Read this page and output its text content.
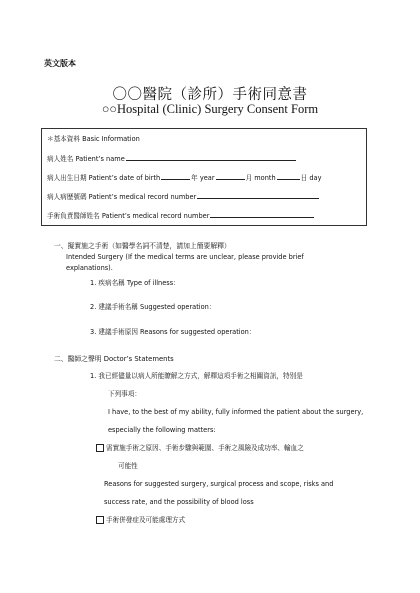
英文版本
〇〇醫院（診所）手術同意書
○○Hospital (Clinic) Surgery Consent Form
＊基本資料 Basic Information
病人姓名 Patient’s name
病人出生日期 Patient’s date of birth	年 year	月 month	日 day
病人病歷號碼 Patient’s medical record number
手術負責醫師姓名 Patient’s medical record number
一、擬實施之手術（如醫學名詞不清楚，請加上簡要解釋）
Intended Surgery (If the medical terms are unclear, please provide brief
explanations).
1. 疾病名稱 Type of illness：
2. 建議手術名稱 Suggested operation：
3. 建議手術原因 Reasons for suggested operation：
二、醫師之聲明 Doctor’s Statements
1. 我已經儘量以病人所能瞭解之方式，解釋這項手術之相關資訊，特別是
下列事項：
I have, to the best of my ability, fully informed the patient about the surgery,
especially the following matters:
需實施手術之原因、手術步驟與範圍、手術之風險及成功率、輸血之
可能性
Reasons for suggested surgery, surgical process and scope, risks and
success rate, and the possibility of blood loss
手術併發症及可能處理方式
